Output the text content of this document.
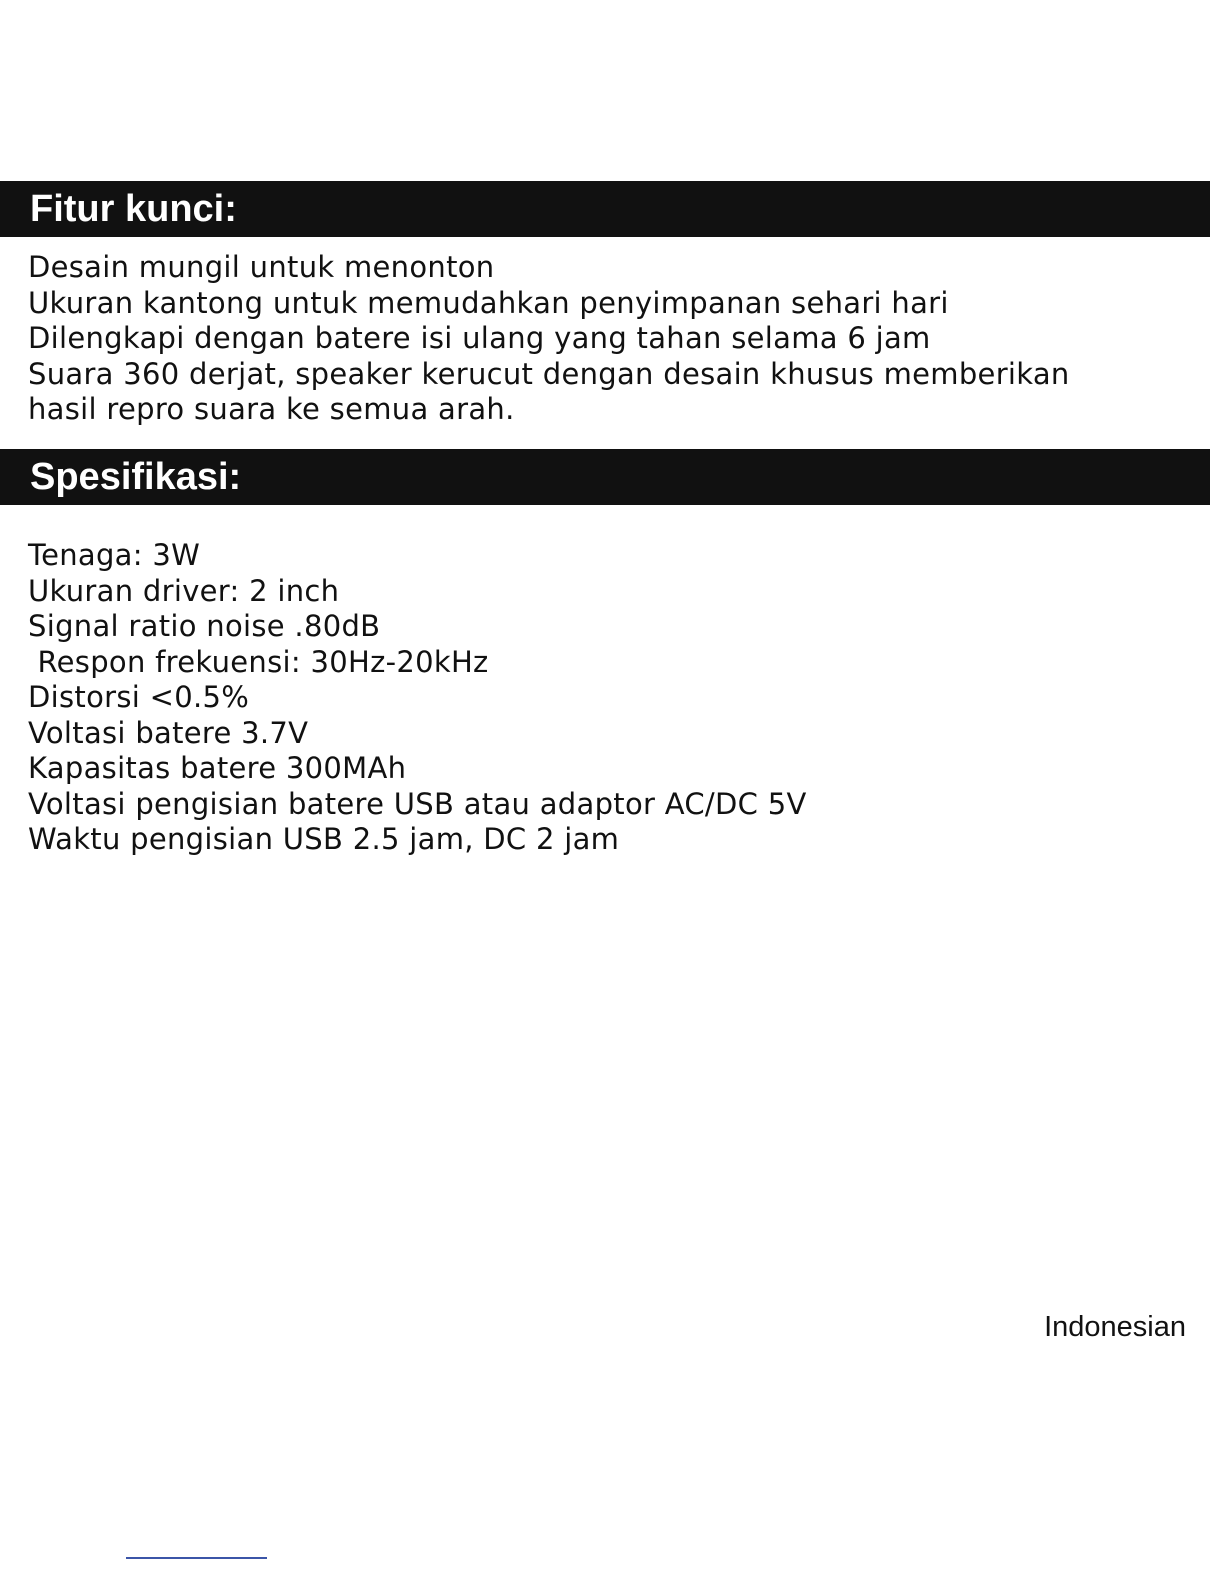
Fitur kunci:
Desain mungil untuk menonton
Ukuran kantong untuk memudahkan penyimpanan sehari hari
Dilengkapi dengan batere isi ulang yang tahan selama 6 jam
Suara 360 derjat, speaker kerucut dengan desain khusus memberikan
hasil repro suara ke semua arah.
Spesifikasi:
Tenaga: 3W
Ukuran driver: 2 inch
Signal ratio noise .80dB
Respon frekuensi: 30Hz-20kHz
Distorsi <0.5%
Voltasi batere 3.7V
Kapasitas batere 300MAh
Voltasi pengisian batere USB atau adaptor AC/DC 5V
Waktu pengisian USB 2.5 jam, DC 2 jam
Indonesian
